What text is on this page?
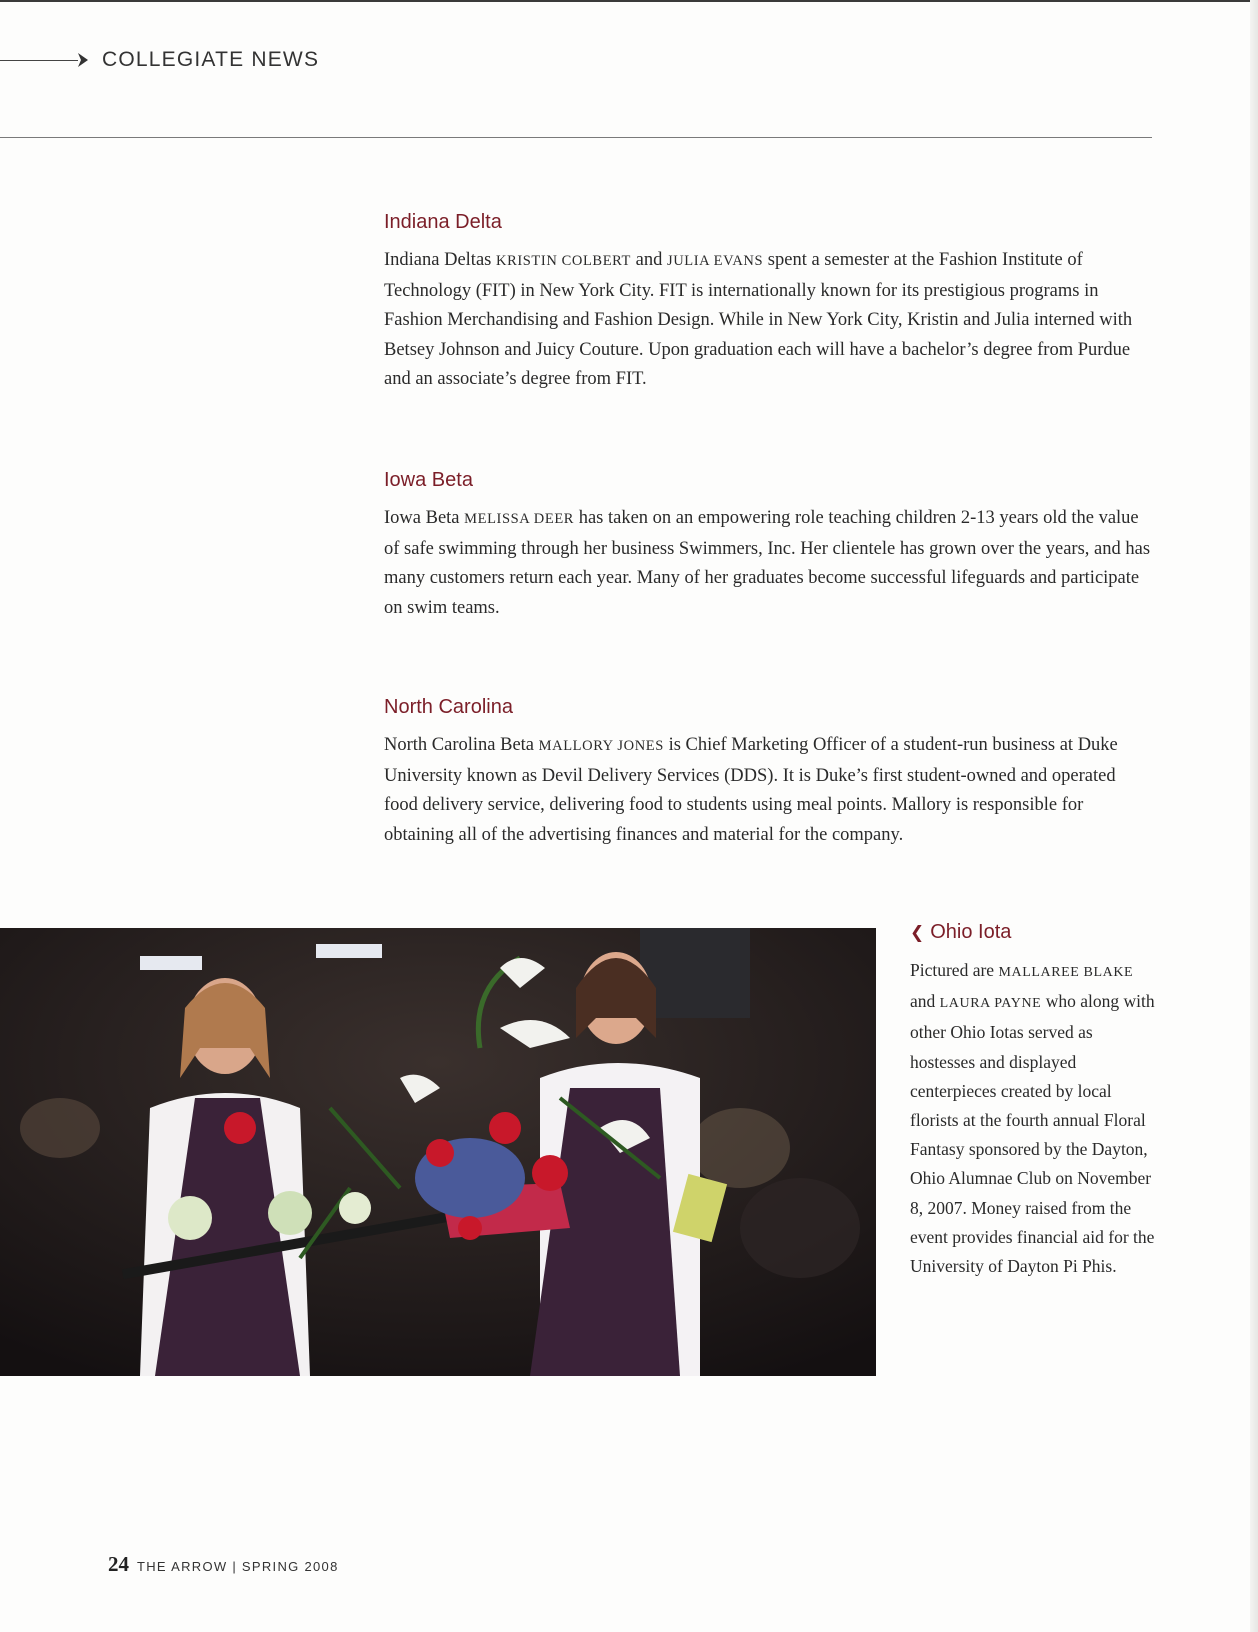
COLLEGIATE NEWS
Indiana Delta

Indiana Deltas KRISTIN COLBERT and JULIA EVANS spent a semester at the Fashion Institute of Technology (FIT) in New York City. FIT is internationally known for its prestigious programs in Fashion Merchandising and Fashion Design. While in New York City, Kristin and Julia interned with Betsey Johnson and Juicy Couture. Upon graduation each will have a bachelor’s degree from Purdue and an associate’s degree from FIT.

Iowa Beta

Iowa Beta MELISSA DEER has taken on an empowering role teaching children 2-13 years old the value of safe swimming through her business Swimmers, Inc. Her clientele has grown over the years, and has many customers return each year. Many of her graduates become successful lifeguards and participate on swim teams.

North Carolina

North Carolina Beta MALLORY JONES is Chief Marketing Officer of a student-run business at Duke University known as Devil Delivery Services (DDS). It is Duke’s first student-owned and operated food delivery service, delivering food to students using meal points. Mallory is responsible for obtaining all of the advertising finances and material for the company.

❮ Ohio Iota

Pictured are MALLAREE BLAKE and LAURA PAYNE who along with other Ohio Iotas served as hostesses and displayed centerpieces created by local florists at the fourth annual Floral Fantasy sponsored by the Dayton, Ohio Alumnae Club on November 8, 2007. Money raised from the event provides financial aid for the University of Dayton Pi Phis.

24 THE ARROW | SPRING 2008
